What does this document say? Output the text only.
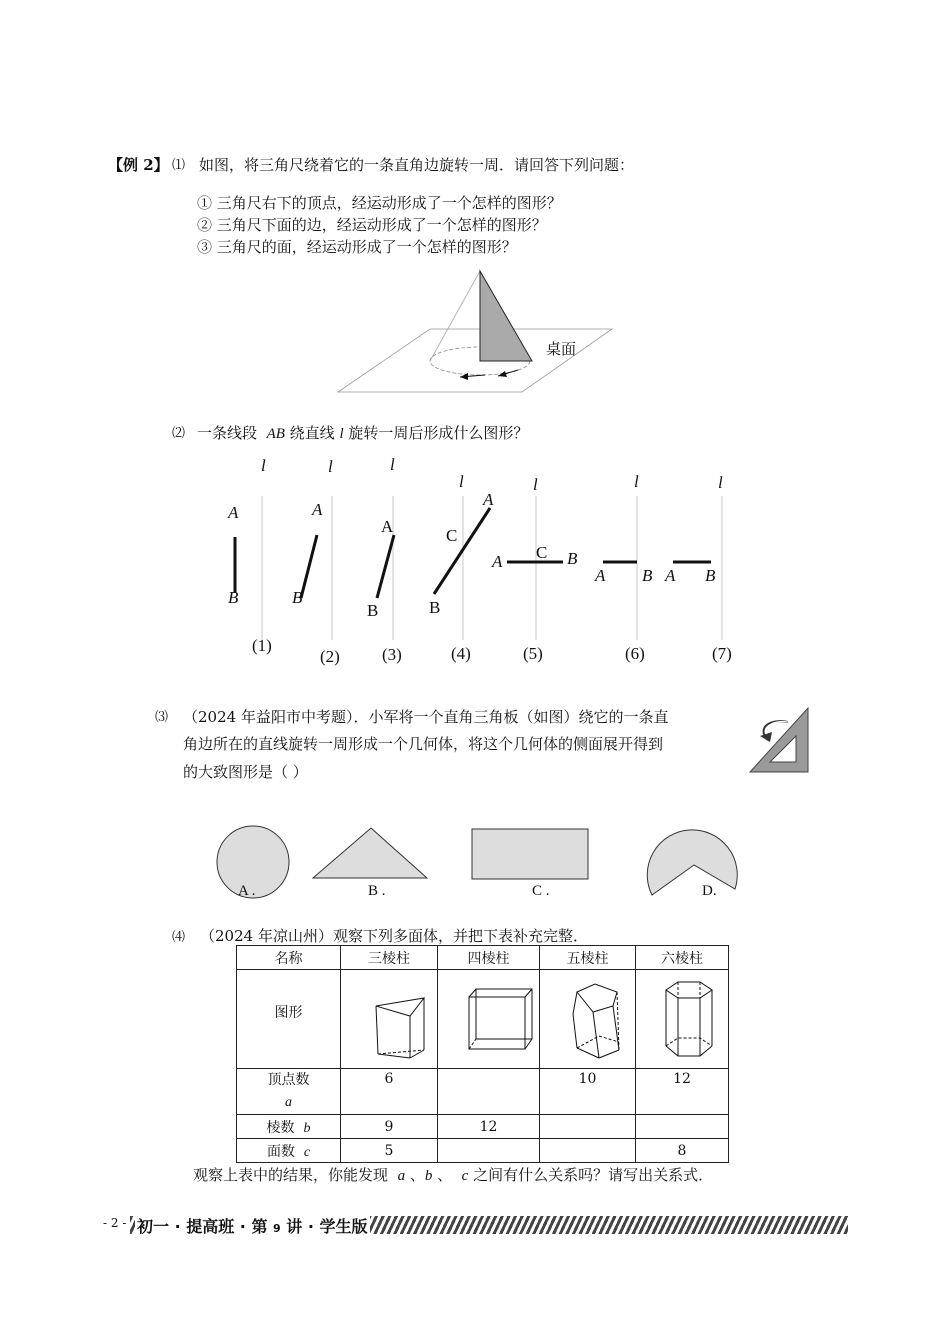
【例 2】 ⑴ 如图，将三角尺绕着它的一条直角边旋转一周．请回答下列问题：
① 三角尺右下的顶点，经运动形成了一个怎样的图形？
② 三角尺下面的边，经运动形成了一个怎样的图形？
③ 三角尺的面，经运动形成了一个怎样的图形？
桌面
⑵ 一条线段 AB 绕直线 l 旋转一周后形成什么图形？
l
A
B
(1)
l
A
B
(2)
l
A
B
(3)
l
A
C
B
(4)
l
C
A	B
(5)
l
A B
(6)
l
A B
(7)
⑶ （2024 年益阳市中考题）．小军将一个直角三角板（如图）绕它的一条直
角边所在的直线旋转一周形成一个几何体，将这个几何体的侧面展开得到
的大致图形是（ ）
A .	B .	C .	D.
⑷ （2024 年凉山州）观察下列多面体，并把下表补充完整．
名称	三棱柱	四棱柱	五棱柱	六棱柱
图形				
顶点数
a	6		10	12
棱数 b	9	12		
面数 c	5			8
观察上表中的结果，你能发现 a 、b 、  c 之间有什么关系吗？请写出关系式．
- 2 - 初一 · 提高班 · 第 9 讲 · 学生版
